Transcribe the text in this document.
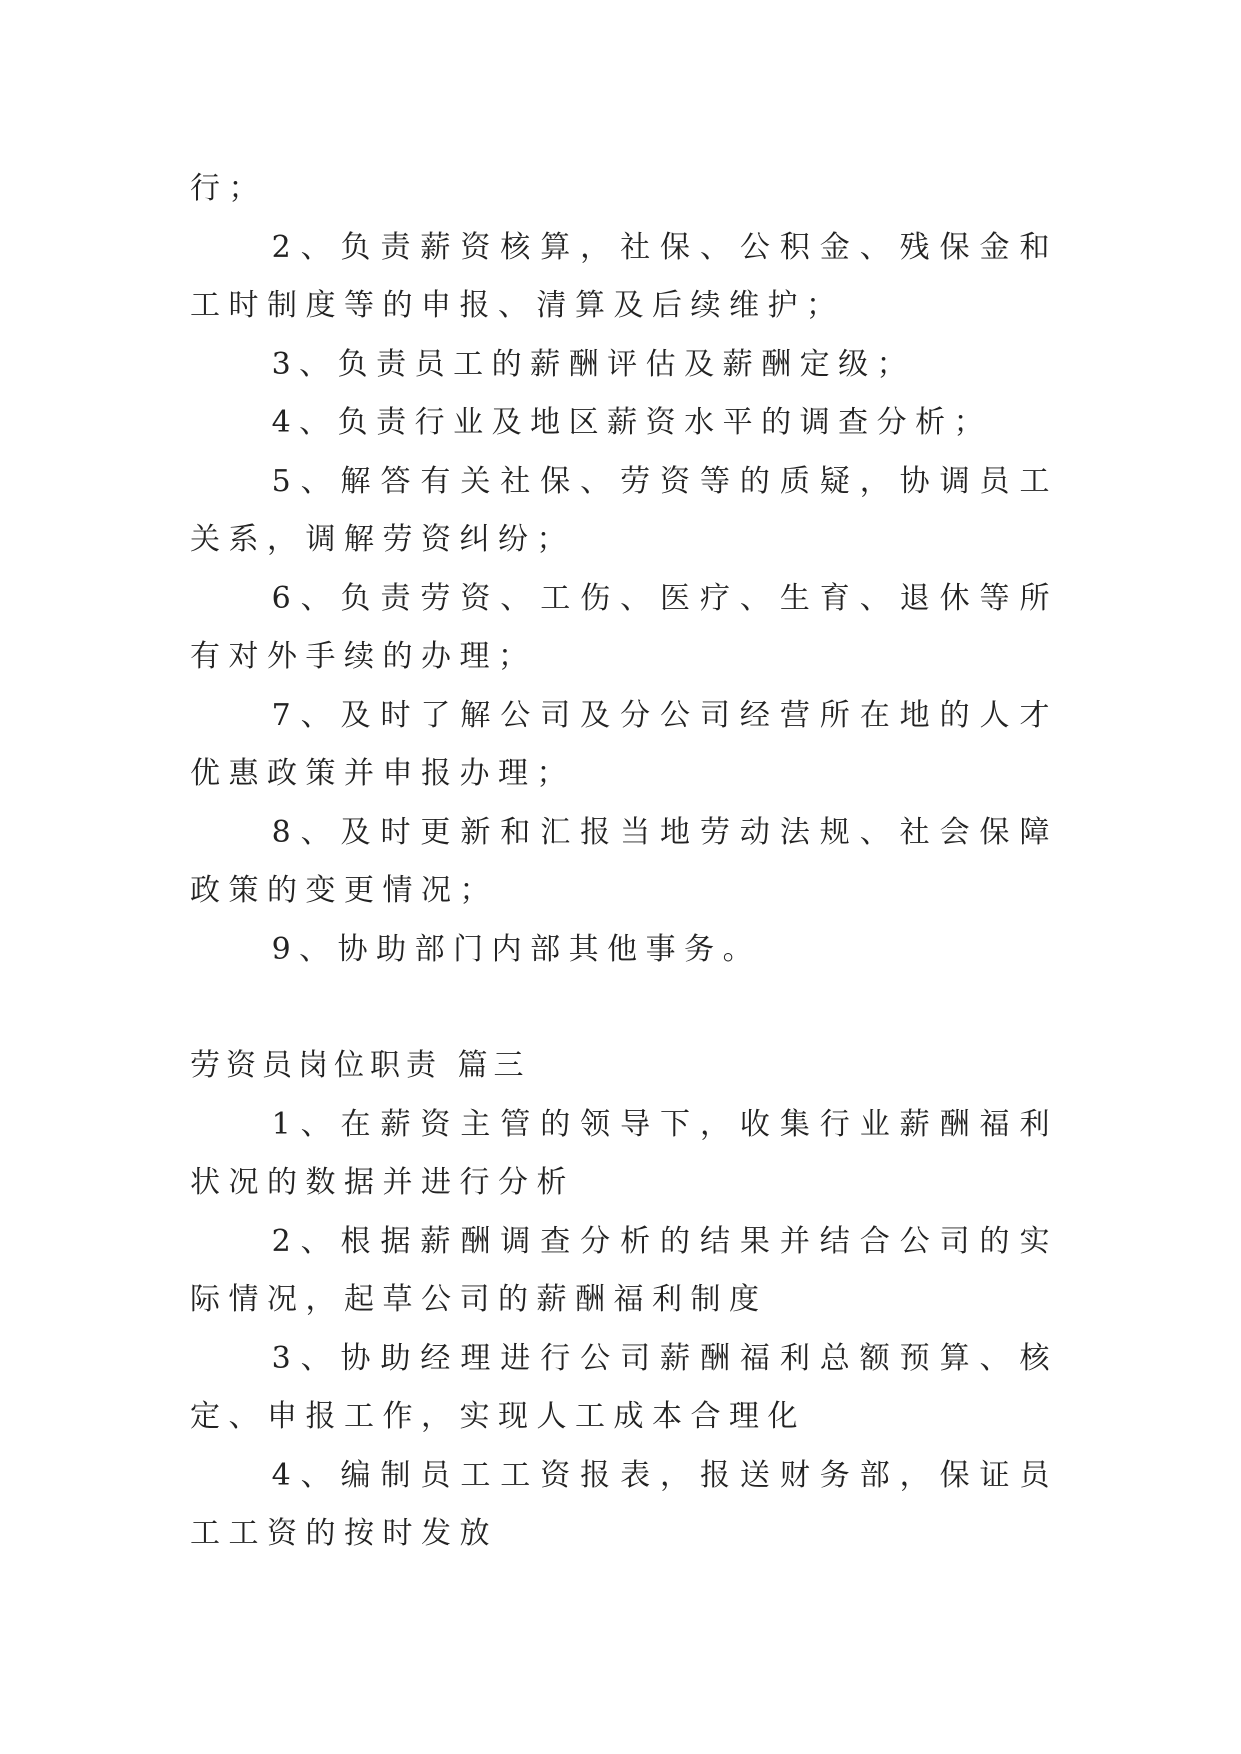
行；

2、负责薪资核算，社保、公积金、残保金和工时制度等的申报、清算及后续维护；

3、负责员工的薪酬评估及薪酬定级；

4、负责行业及地区薪资水平的调查分析；

5、解答有关社保、劳资等的质疑，协调员工关系，调解劳资纠纷；

6、负责劳资、工伤、医疗、生育、退休等所有对外手续的办理；

7、及时了解公司及分公司经营所在地的人才优惠政策并申报办理；

8、及时更新和汇报当地劳动法规、社会保障政策的变更情况；

9、协助部门内部其他事务。

劳资员岗位职责 篇三

1、在薪资主管的领导下，收集行业薪酬福利状况的数据并进行分析

2、根据薪酬调查分析的结果并结合公司的实际情况，起草公司的薪酬福利制度

3、协助经理进行公司薪酬福利总额预算、核定、申报工作，实现人工成本合理化

4、编制员工工资报表，报送财务部，保证员工工资的按时发放
